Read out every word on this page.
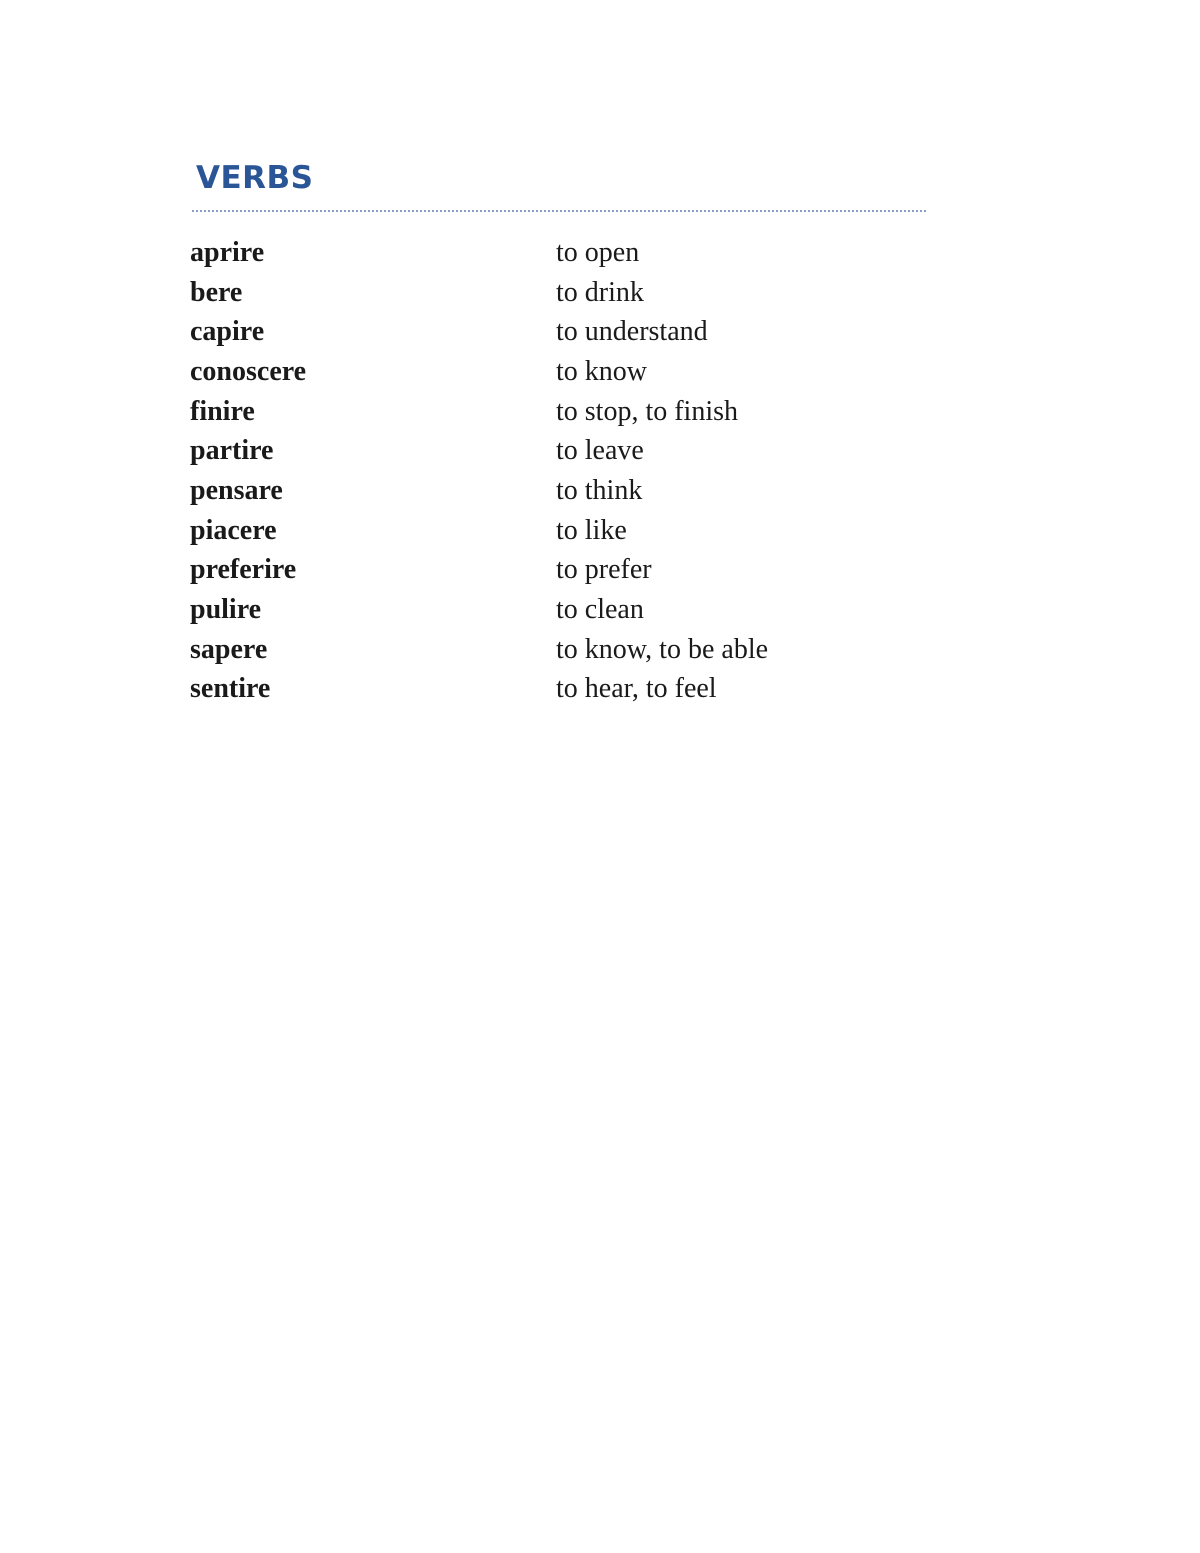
VERBS
aprire	to open
bere	to drink
capire	to understand
conoscere	to know
finire	to stop, to finish
partire	to leave
pensare	to think
piacere	to like
preferire	to prefer
pulire	to clean
sapere	to know, to be able
sentire	to hear, to feel
